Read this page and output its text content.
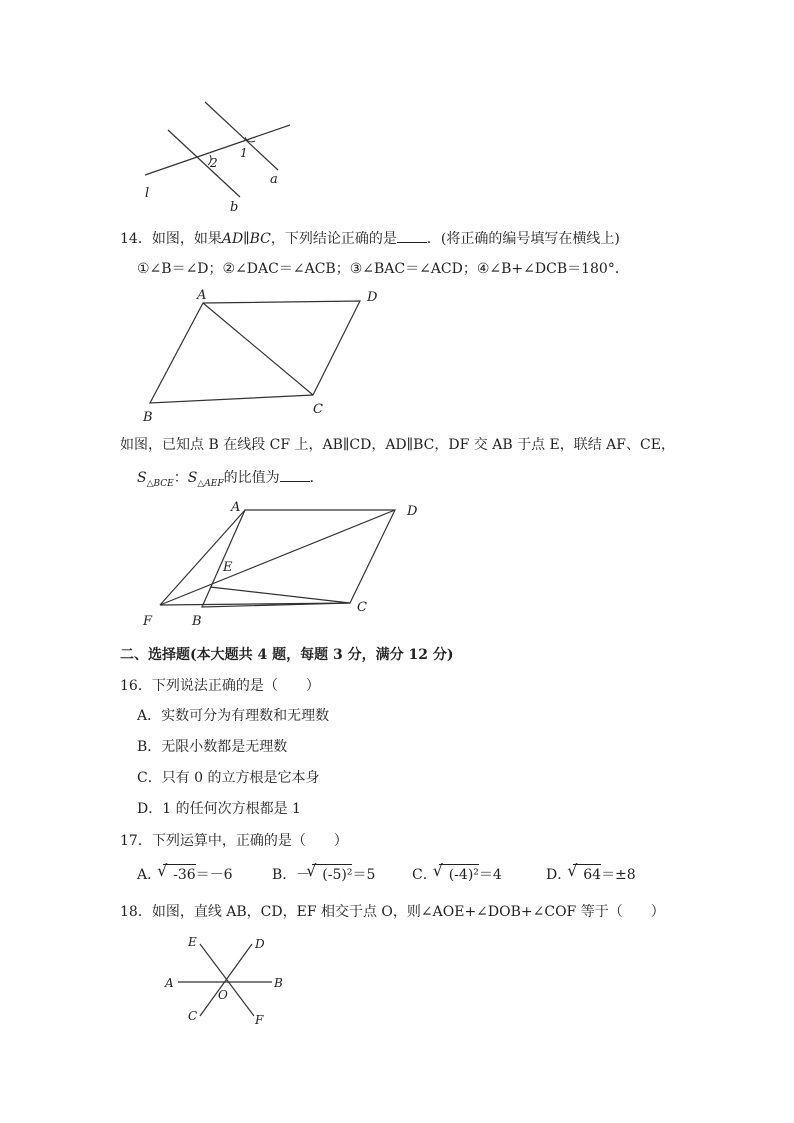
2
1
l
a
b
14．如图，如果AD∥BC，下列结论正确的是 ．(将正确的编号填写在横线上)
①∠B＝∠D；②∠DAC＝∠ACB；③∠BAC＝∠ACD；④∠B+∠DCB＝180°．
A	D
B
C
如图，已知点 B 在线段 CF 上，AB∥CD，AD∥BC，DF 交 AB 于点 E，联结 AF、CE，
$S_{\triangle BCE}$：$S_{\triangle AEF}$的比值为 ．
A	D
E
F	B
C
二、选择题(本大题共 4 题，每题 3 分，满分 12 分)
16．下列说法正确的是（　　）
A．实数可分为有理数和无理数
B．无限小数都是无理数
C．只有 0 的立方根是它本身
D．1 的任何次方根都是 1
17．下列运算中，正确的是（　　）
A． √ -36＝－6	B．－ √ (-5)²＝5	C． √ (-4)²＝4	D． √ 64＝±8
18．如图，直线 AB，CD，EF 相交于点 O，则∠AOE+∠DOB+∠COF 等于（　　）
A	B
E	D
C	F
O
